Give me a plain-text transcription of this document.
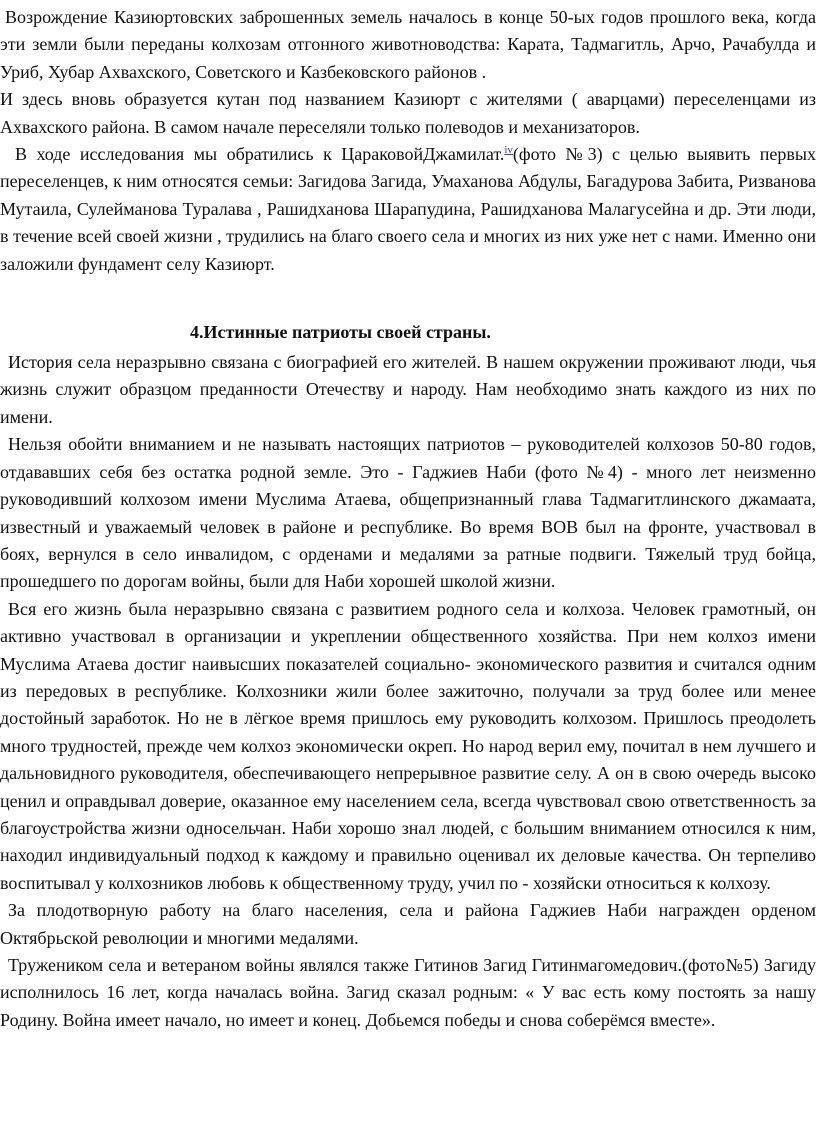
Возрождение Казиюртовских заброшенных земель началось в конце 50-ых годов прошлого века, когда эти земли были переданы колхозам отгонного животноводства: Карата, Тадмагитль, Арчо, Рачабулда и Уриб, Хубар Ахвахского, Советского и Казбековского районов .

И здесь вновь образуется кутан под названием Казиюрт с жителями ( аварцами) переселенцами из Ахвахского района. В самом начале переселяли только полеводов и механизаторов.

В ходе исследования мы обратились к ЦараковойДжамилат.$^{iv}$(фото №3) с целью выявить первых переселенцев, к ним относятся семьи: Загидова Загида, Умаханова Абдулы, Багадурова Забита, Ризванова Мутаила, Сулейманова Туралава , Рашидханова Шарапудина, Рашидханова Малагусейна и др. Эти люди, в течение всей своей жизни , трудились на благо своего села и многих из них уже нет с нами. Именно они заложили фундамент селу Казиюрт.

4.Истинные патриоты своей страны.

История села неразрывно связана с биографией его жителей. В нашем окружении проживают люди, чья жизнь служит образцом преданности Отечеству и народу. Нам необходимо знать каждого из них по имени.

Нельзя обойти вниманием и не называть настоящих патриотов – руководителей колхозов 50-80 годов, отдававших себя без остатка родной земле. Это - Гаджиев Наби (фото №4) - много лет неизменно руководивший колхозом имени Муслима Атаева, общепризнанный глава Тадмагитлинского джамаата, известный и уважаемый человек в районе и республике. Во время ВОВ был на фронте, участвовал в боях, вернулся в село инвалидом, с орденами и медалями за ратные подвиги. Тяжелый труд бойца, прошедшего по дорогам войны, были для Наби хорошей школой жизни.

Вся его жизнь была неразрывно связана с развитием родного села и колхоза. Человек грамотный, он активно участвовал в организации и укреплении общественного хозяйства. При нем колхоз имени Муслима Атаева достиг наивысших показателей социально- экономического развития и считался одним из передовых в республике. Колхозники жили более зажиточно, получали за труд более или менее достойный заработок. Но не в лёгкое время пришлось ему руководить колхозом. Пришлось преодолеть много трудностей, прежде чем колхоз экономически окреп. Но народ верил ему, почитал в нем лучшего и дальновидного руководителя, обеспечивающего непрерывное развитие селу. А он в свою очередь высоко ценил и оправдывал доверие, оказанное ему населением села, всегда чувствовал свою ответственность за благоустройства жизни односельчан. Наби хорошо знал людей, с большим вниманием относился к ним, находил индивидуальный подход к каждому и правильно оценивал их деловые качества. Он терпеливо воспитывал у колхозников любовь к общественному труду, учил по - хозяйски относиться к колхозу.

За плодотворную работу на благо населения, села и района Гаджиев Наби награжден орденом Октябрьской революции и многими медалями.

Тружеником села и ветераном войны являлся также Гитинов Загид Гитинмагомедович.(фото№5) Загиду исполнилось 16 лет, когда началась война. Загид сказал родным: « У вас есть кому постоять за нашу Родину. Война имеет начало, но имеет и конец. Добьемся победы и снова соберёмся вместе».
